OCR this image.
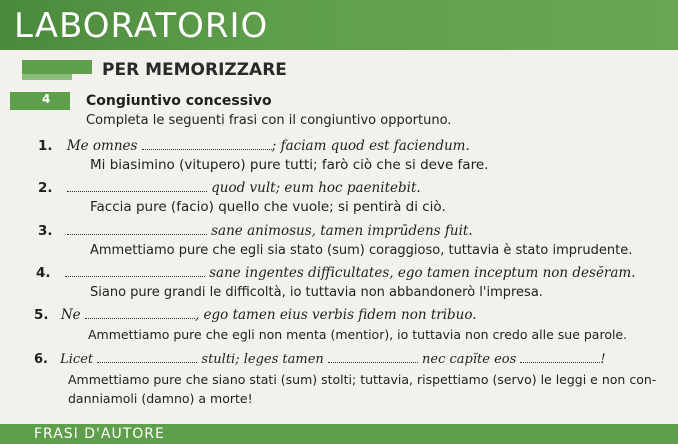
LABORATORIO
PER MEMORIZZARE
4	Congiuntivo concessivo
Completa le seguenti frasi con il congiuntivo opportuno.
1. Me omnes	; faciam quod est faciendum.
Mi biasimino (vitupero) pure tutti; farò ciò che si deve fare.
2.	quod vult; eum hoc paenitebit.
Faccia pure (facio) quello che vuole; si pentirà di ciò.
3.	sane animosus, tamen imprūdens fuit.
Ammettiamo pure che egli sia stato (sum) coraggioso, tuttavia è stato imprudente.
4.	sane ingentes difficultates, ego tamen inceptum non desĕram.
Siano pure grandi le difficoltà, io tuttavia non abbandonerò l'impresa.
5. Ne	, ego tamen eius verbis fidem non tribuo.
Ammettiamo pure che egli non menta (mentior), io tuttavia non credo alle sue parole.
6. Licet	stulti; leges tamen	nec capĭte eos	!
Ammettiamo pure che siano stati (sum) stolti; tuttavia, rispettiamo (servo) le leggi e non con-
danniamoli (damno) a morte!
FRASI D'AUTORE
